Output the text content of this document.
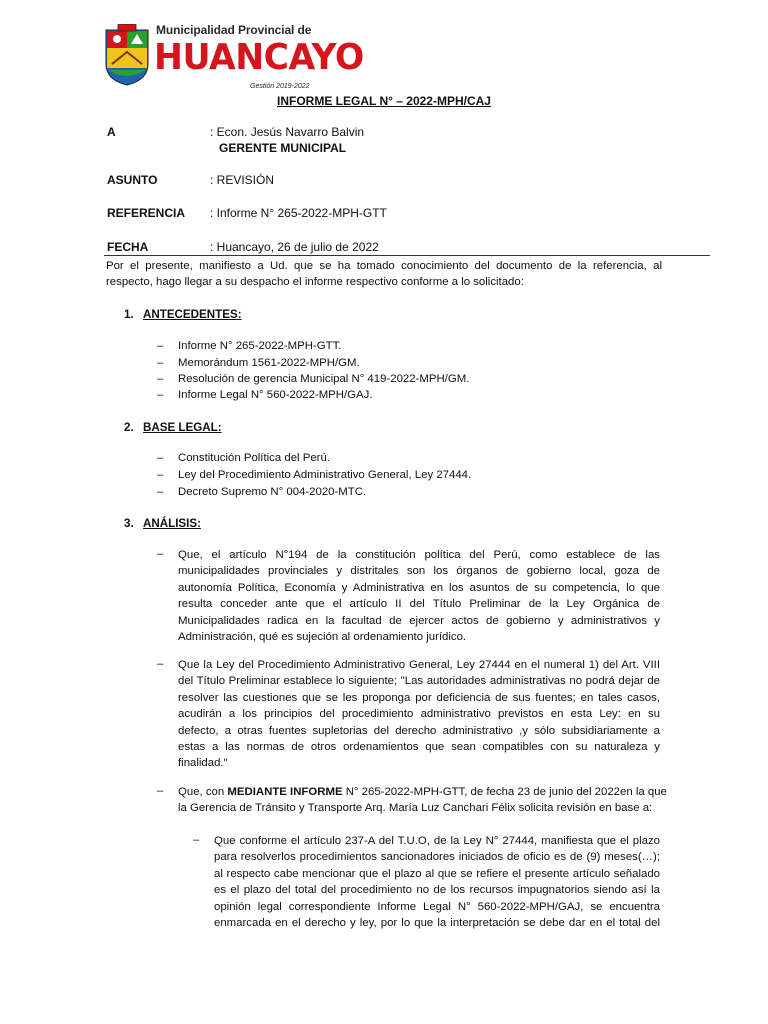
Municipalidad Provincial de
HUANCAYO
Gestión 2019-2022
INFORME LEGAL N° – 2022-MPH/CAJ
A	: Econ. Jesús Navarro Balvin
GERENTE MUNICIPAL
ASUNTO	: REVISIÓN
REFERENCIA : Informe N° 265-2022-MPH-GTT
FECHA	: Huancayo, 26 de julio de 2022
Por el presente, manifiesto a Ud. que se ha tomado conocimiento del documento de la referencia, al
respecto, hago llegar a su despacho el informe respectivo conforme a lo solicitado:
1. ANTECEDENTES:
–	Informe N° 265-2022-MPH-GTT.
–	Memorándum 1561-2022-MPH/GM.
–	Resolución de gerencia Municipal N° 419-2022-MPH/GM.
–	Informe Legal N° 560-2022-MPH/GAJ.
2. BASE LEGAL:
–	Constitución Política del Perú.
–	Ley del Procedimiento Administrativo General, Ley 27444.
–	Decreto Supremo N° 004-2020-MTC.
3. ANÁLISIS:
–	Que, el artículo N°194 de la constitución política del Perú, como establece de las
municipalidades provinciales y distritales son los órganos de gobierno local, goza de
autonomía Política, Economía y Administrativa en los asuntos de su competencia, lo que
resulta conceder ante que el artículo II del Título Preliminar de la Ley Orgánica de
Municipalidades radica en la facultad de ejercer actos de gobierno y administrativos y
Administración, qué es sujeción al ordenamiento jurídico.
–	Que la Ley del Procedimiento Administrativo General, Ley 27444 en el numeral 1) del Art. VIII
del Título Preliminar establece lo siguiente; "Las autoridades administrativas no podrá dejar de
resolver las cuestiones que se les proponga por deficiencia de sus fuentes; en tales casos,
acudirán a los principios del procedimiento administrativo previstos en esta Ley: en su
defecto, a otras fuentes supletorias del derecho administrativo ,y sólo subsidiariamente a
estas a las normas de otros ordenamientos que sean compatibles con su naturaleza y
finalidad."
–	Que, con MEDIANTE INFORME N° 265-2022-MPH-GTT, de fecha 23 de junio del 2022en la que
la Gerencia de Tránsito y Transporte Arq. María Luz Canchari Félix solicita revisión en base a:
–	Que conforme el artículo 237-A del T.U.O, de la Ley N° 27444, manifiesta que el plazo
para resolverlos procedimientos sancionadores iniciados de oficio es de (9) meses(…);
al respecto cabe mencionar que el plazo al que se refiere el presente artículo señalado
es el plazo del total del procedimiento no de los recursos impugnatorios siendo así la
opinión legal correspondiente Informe Legal N° 560-2022-MPH/GAJ, se encuentra
enmarcada en el derecho y ley, por lo que la interpretación se debe dar en el total del
